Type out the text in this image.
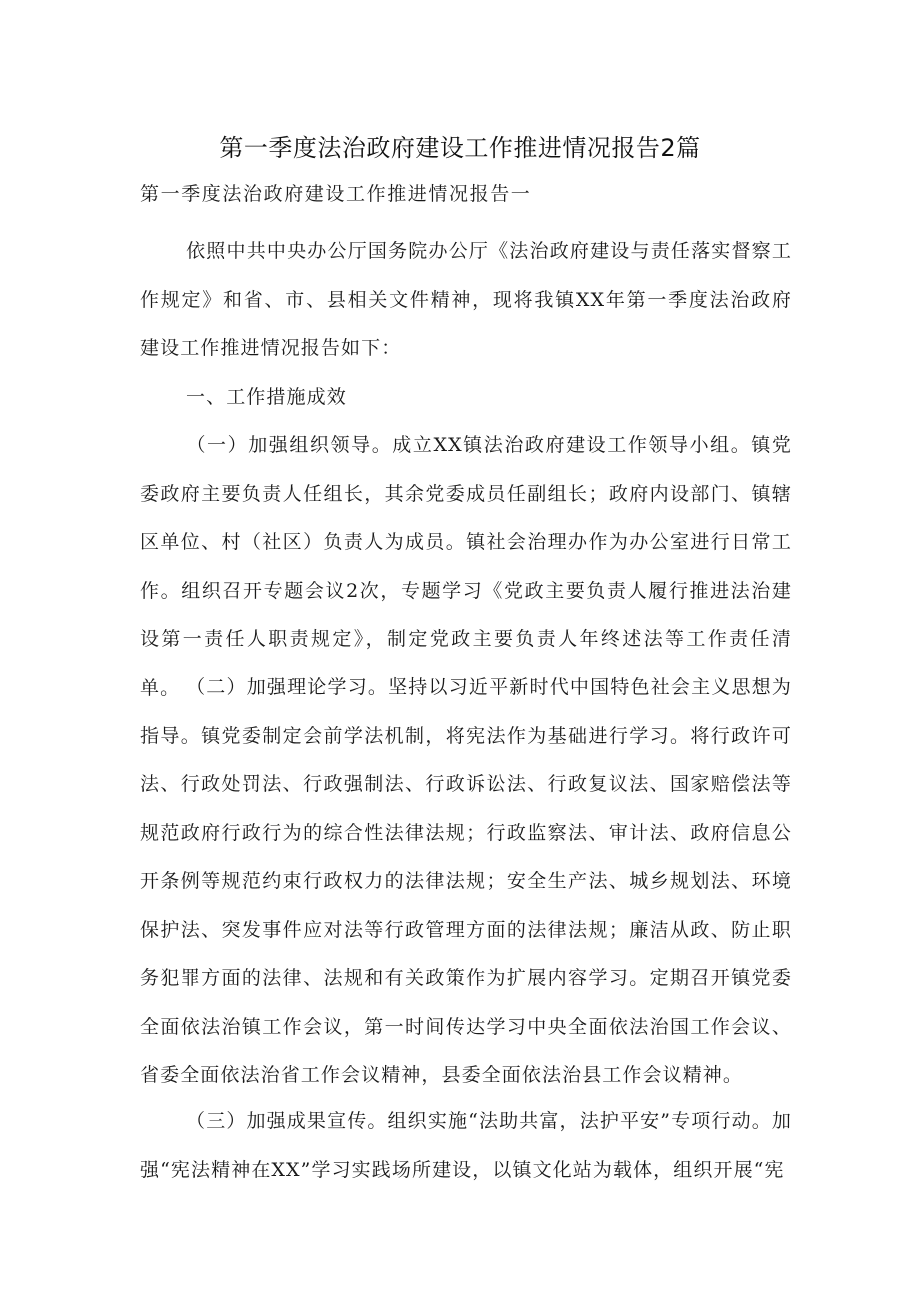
第一季度法治政府建设工作推进情况报告2篇
第一季度法治政府建设工作推进情况报告一
依照中共中央办公厅国务院办公厅《法治政府建设与责任落实督察工作规定》和省、市、县相关文件精神，现将我镇XX年第一季度法治政府建设工作推进情况报告如下：
一、工作措施成效
（一）加强组织领导。成立XX镇法治政府建设工作领导小组。镇党委政府主要负责人任组长，其余党委成员任副组长；政府内设部门、镇辖区单位、村（社区）负责人为成员。镇社会治理办作为办公室进行日常工作。组织召开专题会议2次，专题学习《党政主要负责人履行推进法治建设第一责任人职责规定》，制定党政主要负责人年终述法等工作责任清单。 （二）加强理论学习。坚持以习近平新时代中国特色社会主义思想为指导。镇党委制定会前学法机制，将宪法作为基础进行学习。将行政许可法、行政处罚法、行政强制法、行政诉讼法、行政复议法、国家赔偿法等规范政府行政行为的综合性法律法规；行政监察法、审计法、政府信息公开条例等规范约束行政权力的法律法规；安全生产法、城乡规划法、环境保护法、突发事件应对法等行政管理方面的法律法规；廉洁从政、防止职务犯罪方面的法律、法规和有关政策作为扩展内容学习。定期召开镇党委全面依法治镇工作会议，第一时间传达学习中央全面依法治国工作会议、省委全面依法治省工作会议精神，县委全面依法治县工作会议精神。
（三）加强成果宣传。组织实施“法助共富，法护平安”专项行动。加强“宪法精神在XX”学习实践场所建设，以镇文化站为载体，组织开展“宪
